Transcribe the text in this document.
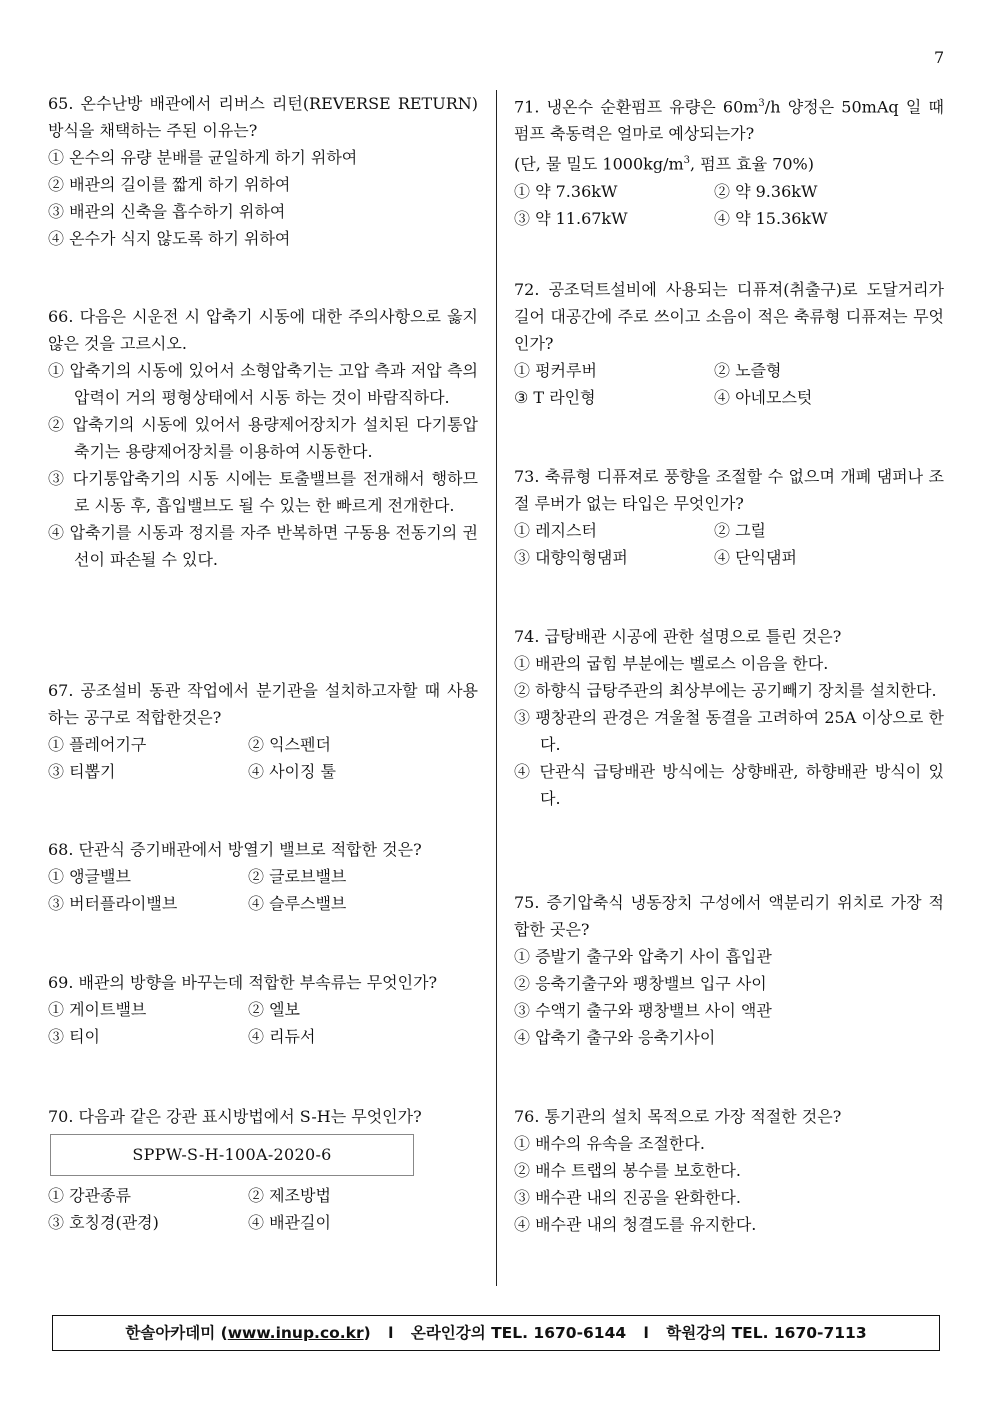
7

65. 온수난방 배관에서 리버스 리턴(REVERSE RETURN) 방식을 채택하는 주된 이유는?

① 온수의 유량 분배를 균일하게 하기 위하여

② 배관의 길이를 짧게 하기 위하여

③ 배관의 신축을 흡수하기 위하여

④ 온수가 식지 않도록 하기 위하여

66. 다음은 시운전 시 압축기 시동에 대한 주의사항으로 옳지 않은 것을 고르시오.

① 압축기의 시동에 있어서 소형압축기는 고압 측과 저압 측의 압력이 거의 평형상태에서 시동 하는 것이 바람직하다.

② 압축기의 시동에 있어서 용량제어장치가 설치된 다기통압축기는 용량제어장치를 이용하여 시동한다.

③ 다기통압축기의 시동 시에는 토출밸브를 전개해서 행하므로 시동 후, 흡입밸브도 될 수 있는 한 빠르게 전개한다.

④ 압축기를 시동과 정지를 자주 반복하면 구동용 전동기의 권선이 파손될 수 있다.

67. 공조설비 동관 작업에서 분기관을 설치하고자할 때 사용하는 공구로 적합한것은?

① 플레어기구	② 익스펜더

③ 티뽑기	④ 사이징 툴

68. 단관식 증기배관에서 방열기 밸브로 적합한 것은?

① 앵글밸브	② 글로브밸브

③ 버터플라이밸브	④ 슬루스밸브

69. 배관의 방향을 바꾸는데 적합한 부속류는 무엇인가?

① 게이트밸브	② 엘보

③ 티이	④ 리듀서

70. 다음과 같은 강관 표시방법에서 S-H는 무엇인가?

SPPW-S-H-100A-2020-6

① 강관종류	② 제조방법

③ 호칭경(관경)	④ 배관길이

71. 냉온수 순환펌프 유량은 $60m^3/h$ 양정은 50mAq 일 때 펌프 축동력은 얼마로 예상되는가?

(단, 물 밀도 $1000kg/m^3$, 펌프 효율 70%)

① 약 7.36kW	② 약 9.36kW

③ 약 11.67kW	④ 약 15.36kW

72. 공조덕트설비에 사용되는 디퓨져(취출구)로 도달거리가 길어 대공간에 주로 쓰이고 소음이 적은 축류형 디퓨져는 무엇인가?

① 펑커루버	② 노즐형

③ T 라인형	④ 아네모스텃

73. 축류형 디퓨져로 풍향을 조절할 수 없으며 개폐 댐퍼나 조절 루버가 없는 타입은 무엇인가?

① 레지스터	② 그릴

③ 대향익형댐퍼	④ 단익댐퍼

74. 급탕배관 시공에 관한 설명으로 틀린 것은?

① 배관의 굽힘 부분에는 벨로스 이음을 한다.

② 하향식 급탕주관의 최상부에는 공기빼기 장치를 설치한다.

③ 팽창관의 관경은 겨울철 동결을 고려하여 25A 이상으로 한다.

④ 단관식 급탕배관 방식에는 상향배관, 하향배관 방식이 있다.

75. 증기압축식 냉동장치 구성에서 액분리기 위치로 가장 적합한 곳은?

① 증발기 출구와 압축기 사이 흡입관

② 응축기출구와 팽창밸브 입구 사이

③ 수액기 출구와 팽창밸브 사이 액관

④ 압축기 출구와 응축기사이

76. 통기관의 설치 목적으로 가장 적절한 것은?

① 배수의 유속을 조절한다.

② 배수 트랩의 봉수를 보호한다.

③ 배수관 내의 진공을 완화한다.

④ 배수관 내의 청결도를 유지한다.

한솔아카데미 (www.inup.co.kr) l 온라인강의 TEL. 1670-6144 l 학원강의 TEL. 1670-7113
